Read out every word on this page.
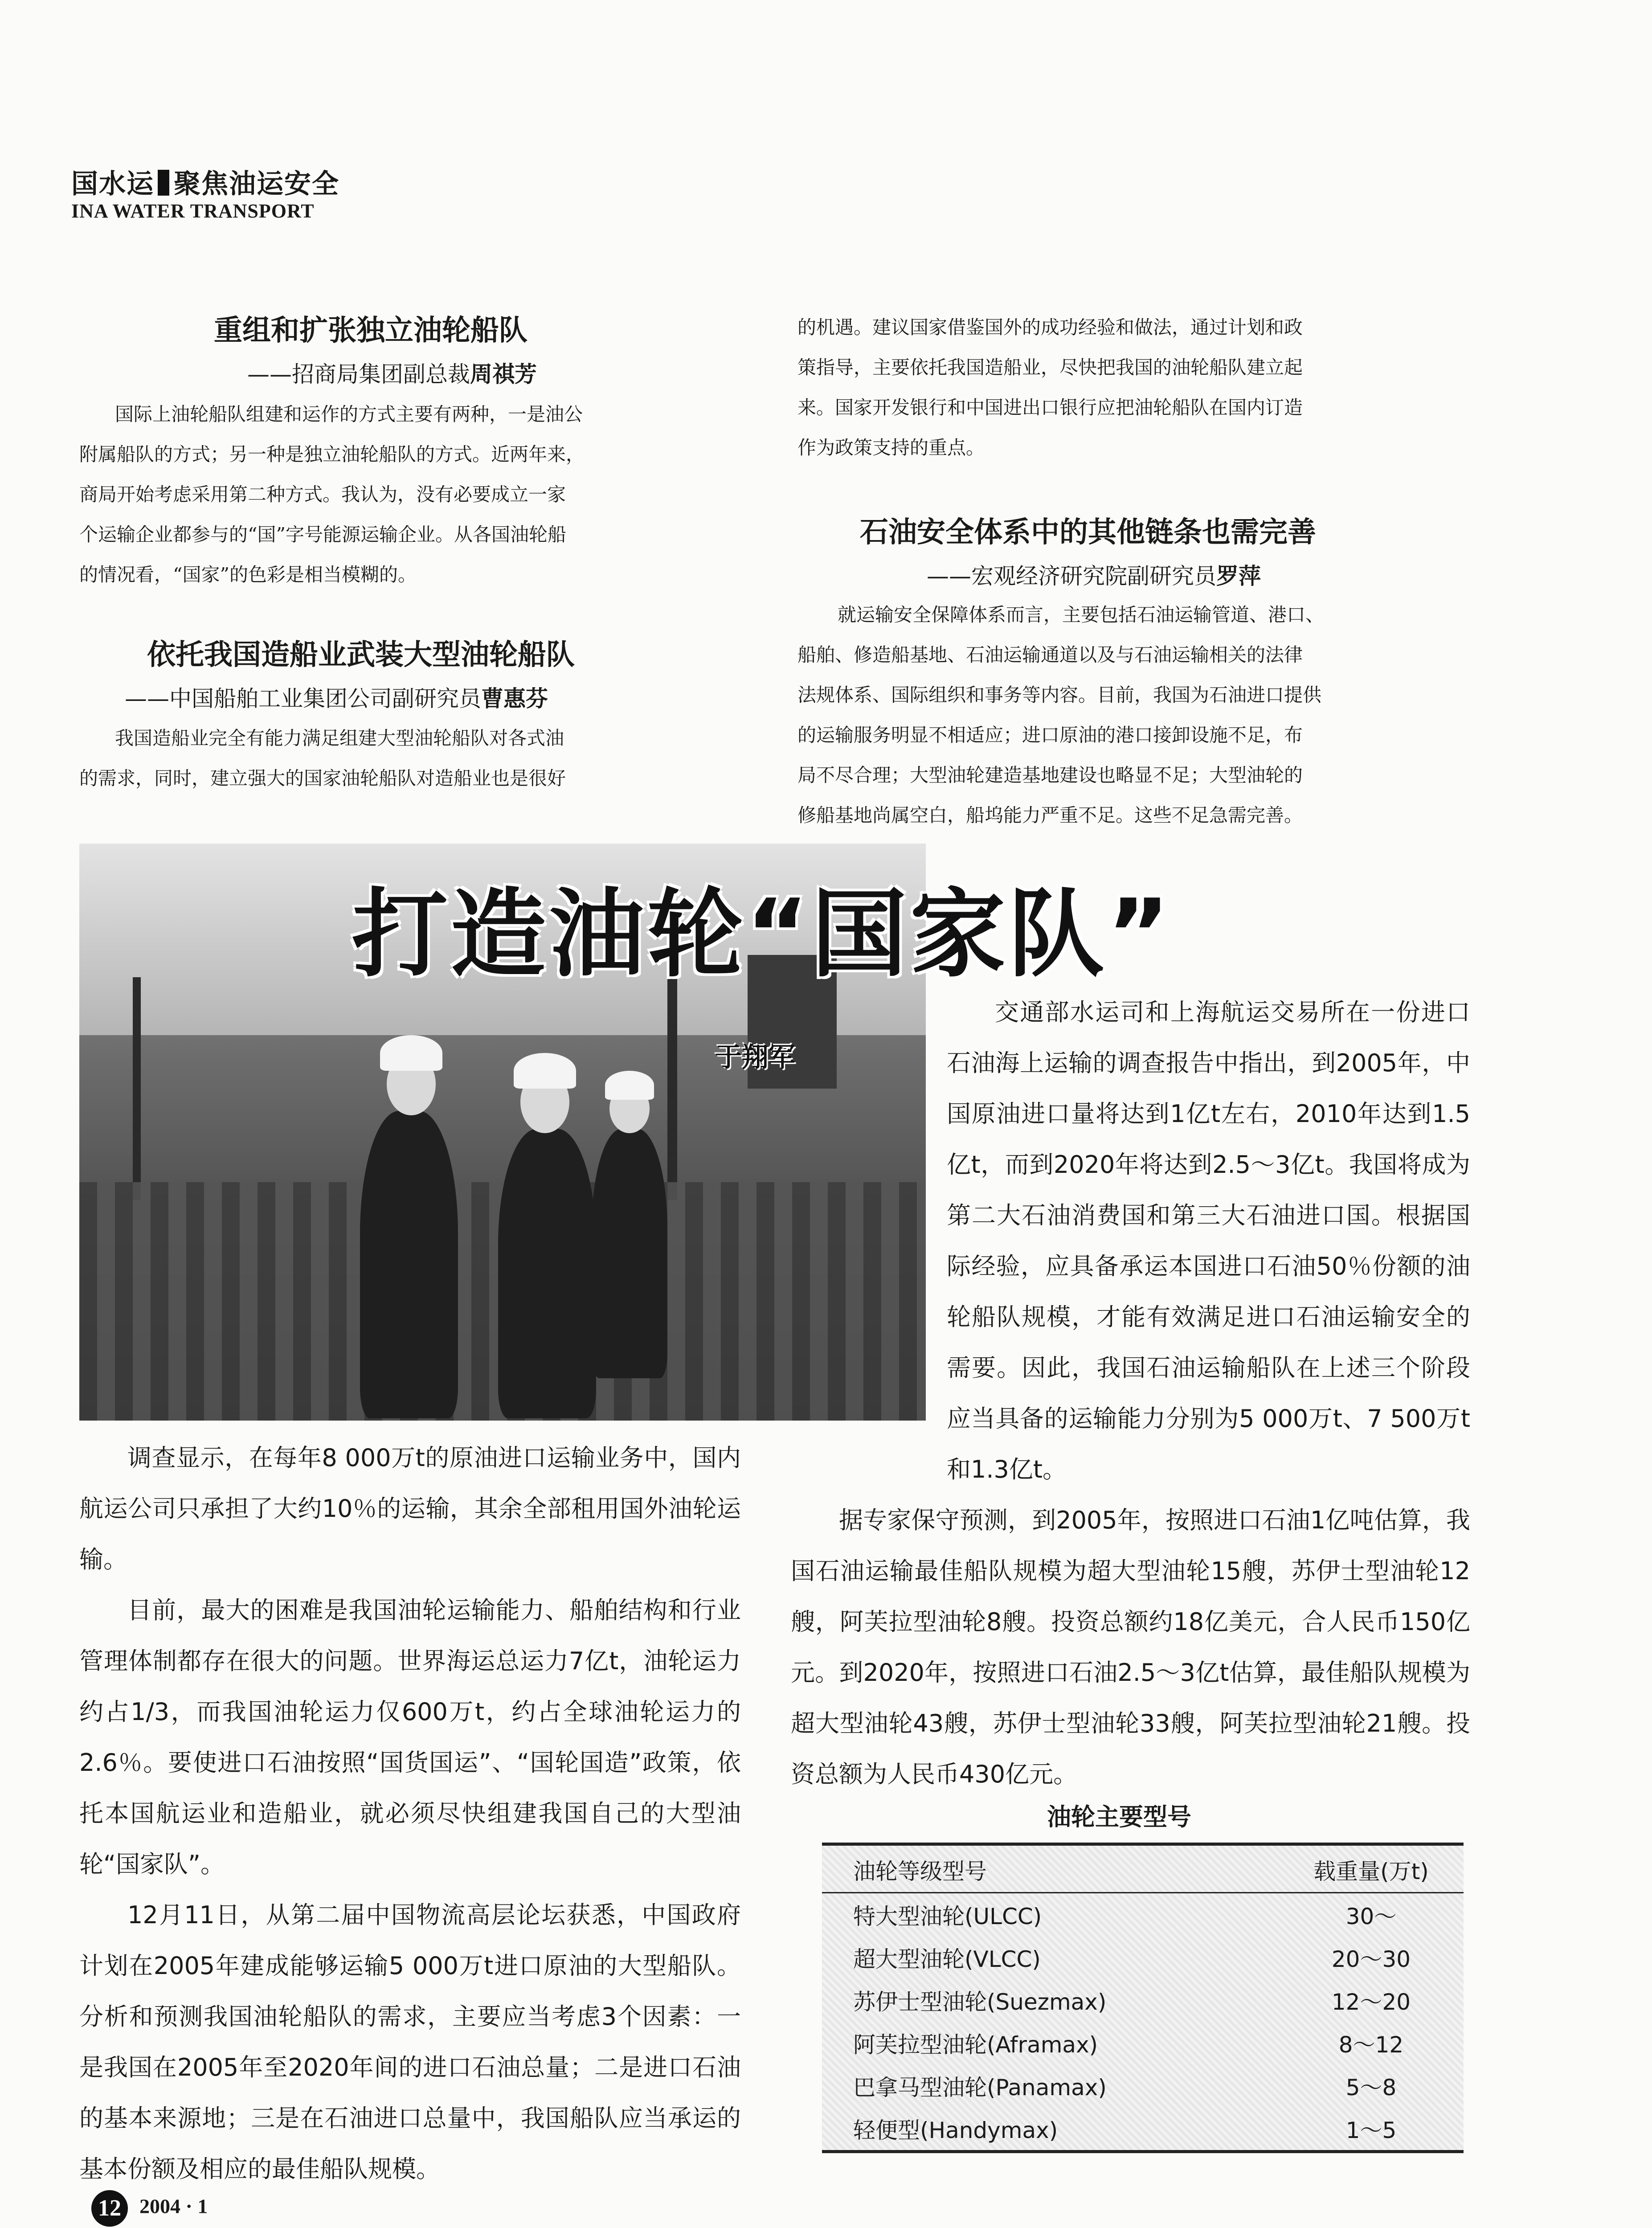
国水运 聚焦油运安全
INA WATER TRANSPORT
重组和扩张独立油轮船队
——招商局集团副总裁周祺芳
国际上油轮船队组建和运作的方式主要有两种，一是油公
附属船队的方式；另一种是独立油轮船队的方式。近两年来，
商局开始考虑采用第二种方式。我认为，没有必要成立一家
个运输企业都参与的“国”字号能源运输企业。从各国油轮船
的情况看，“国家”的色彩是相当模糊的。
依托我国造船业武装大型油轮船队
——中国船舶工业集团公司副研究员曹惠芬
我国造船业完全有能力满足组建大型油轮船队对各式油
的需求，同时，建立强大的国家油轮船队对造船业也是很好
的机遇。建议国家借鉴国外的成功经验和做法，通过计划和政
策指导，主要依托我国造船业，尽快把我国的油轮船队建立起
来。国家开发银行和中国进出口银行应把油轮船队在国内订造
作为政策支持的重点。
石油安全体系中的其他链条也需完善
——宏观经济研究院副研究员罗萍
就运输安全保障体系而言，主要包括石油运输管道、港口、
船舶、修造船基地、石油运输通道以及与石油运输相关的法律
法规体系、国际组织和事务等内容。目前，我国为石油进口提供
的运输服务明显不相适应；进口原油的港口接卸设施不足，布
局不尽合理；大型油轮建造基地建设也略显不足；大型油轮的
修船基地尚属空白，船坞能力严重不足。这些不足急需完善。
打造油轮“国家队”
于翔军

交通部水运司和上海航运交易所在一份进口石油海上运输的调查报告中指出，到2005年，中国原油进口量将达到1亿t左右，2010年达到1.5亿t，而到2020年将达到2.5～3亿t。我国将成为第二大石油消费国和第三大石油进口国。根据国际经验，应具备承运本国进口石油50％份额的油轮船队规模，才能有效满足进口石油运输安全的需要。因此，我国石油运输船队在上述三个阶段应当具备的运输能力分别为5 000万t、7 500万t和1.3亿t。

据专家保守预测，到2005年，按照进口石油1亿吨估算，我国石油运输最佳船队规模为超大型油轮15艘，苏伊士型油轮12艘，阿芙拉型油轮8艘。投资总额约18亿美元，合人民币150亿元。到2020年，按照进口石油2.5～3亿t估算，最佳船队规模为超大型油轮43艘，苏伊士型油轮33艘，阿芙拉型油轮21艘。投资总额为人民币430亿元。

调查显示，在每年8 000万t的原油进口运输业务中，国内航运公司只承担了大约10％的运输，其余全部租用国外油轮运输。

目前，最大的困难是我国油轮运输能力、船舶结构和行业管理体制都存在很大的问题。世界海运总运力7亿t，油轮运力约占1/3，而我国油轮运力仅600万t，约占全球油轮运力的2.6％。要使进口石油按照“国货国运”、“国轮国造”政策，依托本国航运业和造船业，就必须尽快组建我国自己的大型油轮“国家队”。

12月11日，从第二届中国物流高层论坛获悉，中国政府计划在2005年建成能够运输5 000万t进口原油的大型船队。分析和预测我国油轮船队的需求，主要应当考虑3个因素：一是我国在2005年至2020年间的进口石油总量；二是进口石油的基本来源地；三是在石油进口总量中，我国船队应当承运的基本份额及相应的最佳船队规模。

油轮主要型号
油轮等级型号	载重量(万t)
特大型油轮(ULCC)	30～
超大型油轮(VLCC)	20～30
苏伊士型油轮(Suezmax)	12～20
阿芙拉型油轮(Aframax)	8～12
巴拿马型油轮(Panamax)	5～8
轻便型(Handymax)	1～5
12 2004 · 1
